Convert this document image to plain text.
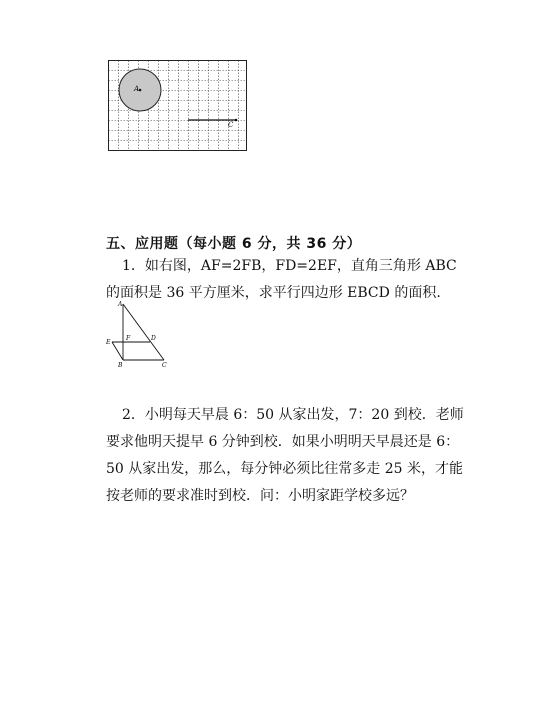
A
C
五、应用题（每小题 6 分，共 36 分）
1．如右图，AF=2FB，FD=2EF，直角三角形 ABC 的面积是 36 平方厘米，求平行四边形 EBCD 的面积.
A
E
F	D
B	C
2．小明每天早晨 6：50 从家出发，7：20 到校．老师要求他明天提早 6 分钟到校．如果小明明天早晨还是 6：50 从家出发，那么，每分钟必须比往常多走 25 米，才能按老师的要求准时到校．问：小明家距学校多远？
